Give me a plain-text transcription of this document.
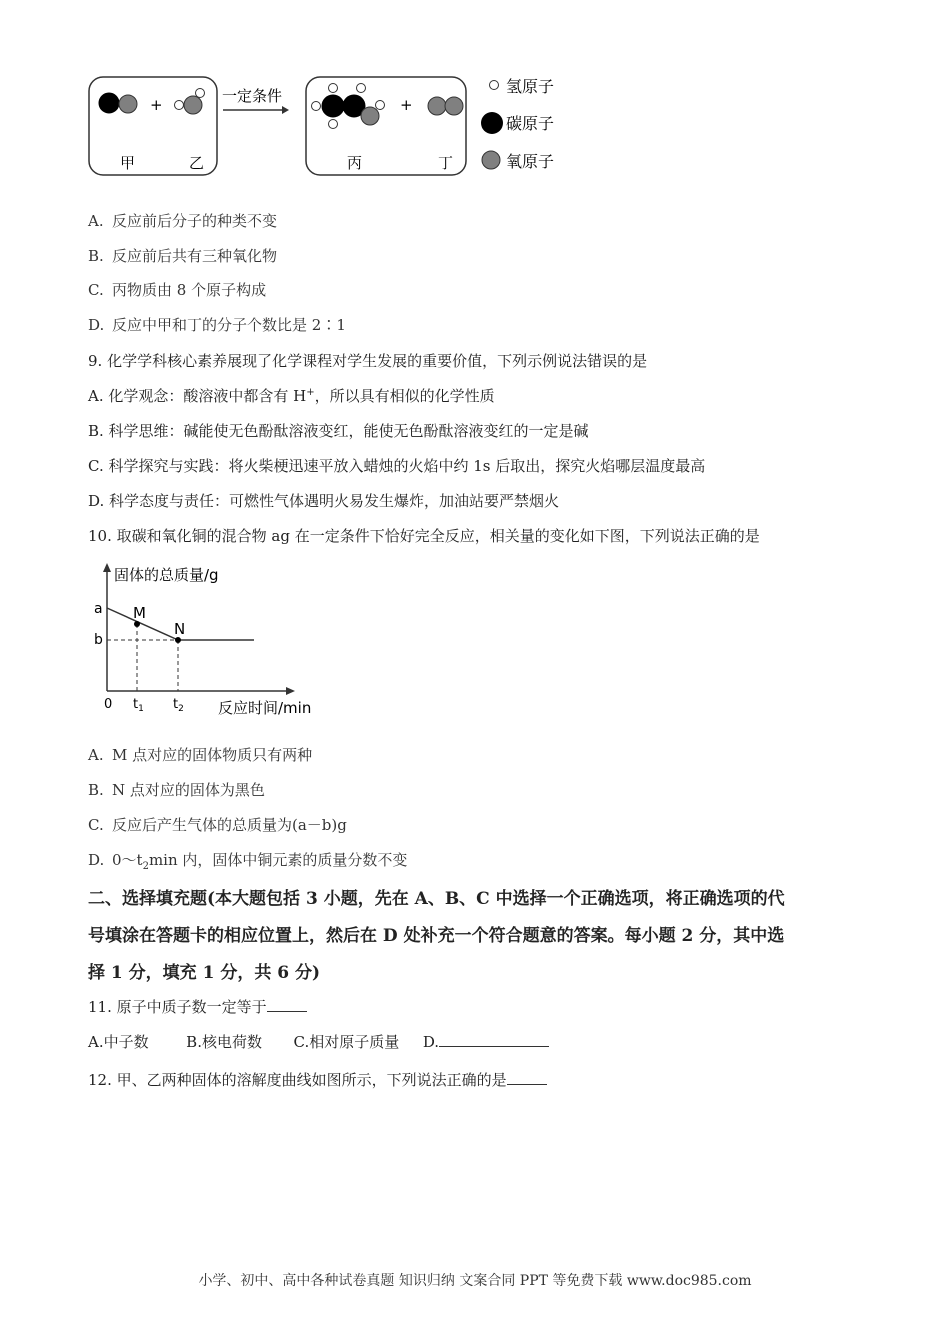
+
甲	乙
一定条件	+
丙	丁
氢原子
碳原子
氧原子
A. 反应前后分子的种类不变
B. 反应前后共有三种氧化物
C. 丙物质由 8 个原子构成
D. 反应中甲和丁的分子个数比是 2∶1
9. 化学学科核心素养展现了化学课程对学生发展的重要价值，下列示例说法错误的是
A. 化学观念：酸溶液中都含有 H+，所以具有相似的化学性质
B. 科学思维：碱能使无色酚酞溶液变红，能使无色酚酞溶液变红的一定是碱
C. 科学探究与实践：将火柴梗迅速平放入蜡烛的火焰中约 1s 后取出，探究火焰哪层温度最高
D. 科学态度与责任：可燃性气体遇明火易发生爆炸，加油站要严禁烟火
10. 取碳和氧化铜的混合物 ag 在一定条件下恰好完全反应，相关量的变化如下图，下列说法正确的是
固体的总质量/g
反应时间/min
0
a
b
$t_1$ $t_2$
M
N
A. M 点对应的固体物质只有两种
B. N 点对应的固体为黑色
C. 反应后产生气体的总质量为(a－b)g
D. $0\sim t_2\min$ 内，固体中铜元素的质量分数不变
二、选择填充题(本大题包括 3 小题，先在 A、B、C 中选择一个正确选项，将正确选项的代
号填涂在答题卡的相应位置上，然后在 D 处补充一个符合题意的答案。每小题 2 分，其中选
择 1 分，填充 1 分，共 6 分)
11. 原子中质子数一定等于
A.中子数	B.核电荷数 C.相对原子质量 D.
12. 甲、乙两种固体的溶解度曲线如图所示，下列说法正确的是
小学、初中、高中各种试卷真题 知识归纳 文案合同 PPT 等免费下载 www.doc985.com
